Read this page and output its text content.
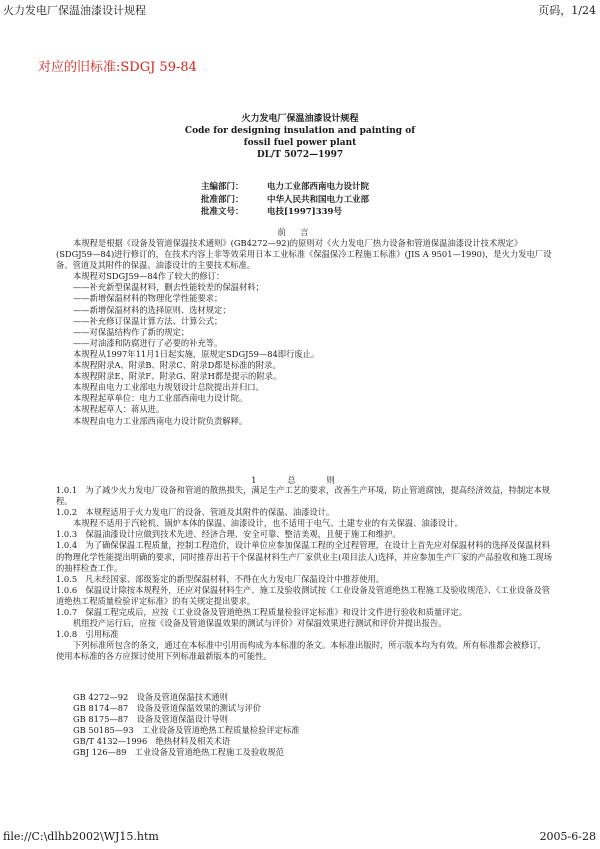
火力发电厂保温油漆设计规程	页码，1/24
对应的旧标准:SDGJ 59-84
火力发电厂保温油漆设计规程
Code for designing insulation and painting of
fossil fuel power plant
DL/T 5072—1997
主编部门：	电力工业部西南电力设计院
批准部门：	中华人民共和国电力工业部
批准文号：	电技[1997]339号
前言

本规程是根据《设备及管道保温技术通则》(GB4272—92)的原则对《火力发电厂热力设备和管道保温油漆设计技术规定》(SDGJ59—84)进行修订的，在技术内容上非等效采用日本工业标准《保温保冷工程施工标准》(JIS A 9501—1990)，是火力发电厂设备、管道及其附件的保温、油漆设计的主要技术标准。

本规程对SDGJ59—84作了较大的修订：

——补充新型保温材料，删去性能较差的保温材料；

——新增保温材料的物理化学性能要求；

——新增保温材料的选择原则、选材规定；

——补充修订保温计算方法、计算公式；

——对保温结构作了新的规定；

——对油漆和防腐进行了必要的补充等。

本规程从1997年11月1日起实施，原规定SDGJ59—84即行废止。

本规程附录A、附录B、附录C、附录D都是标准的附录。

本规程附录E、附录F、附录G、附录H都是提示的附录。

本规程由电力工业部电力规划设计总院提出并归口。

本规程起草单位：电力工业部西南电力设计院。

本规程起草人：蒋从进。

本规程由电力工业部西南电力设计院负责解释。

1 总 则

1.0.1　为了减少火力发电厂设备和管道的散热损失，满足生产工艺的要求，改善生产环境，防止管道腐蚀，提高经济效益，特制定本规程。

1.0.2　本规程适用于火力发电厂的设备、管道及其附件的保温、油漆设计。

本规程不适用于汽轮机、锅炉本体的保温、油漆设计，也不适用于电气、土建专业的有关保温、油漆设计。

1.0.3　保温油漆设计应做到技术先进、经济合理、安全可靠、整洁美观，且便于施工和维护。

1.0.4　为了确保保温工程质量，控制工程造价，设计单位应参加保温工程的全过程管理，在设计上首先应对保温材料的选择及保温材料的物理化学性能提出明确的要求，同时推荐出若干个保温材料生产厂家供业主(项目法人)选择，并应参加生产厂家的产品验收和施工现场的抽样检查工作。

1.0.5　凡未经国家、部级鉴定的新型保温材料，不得在火力发电厂保温设计中推荐使用。

1.0.6　保温设计除按本规程外，还应对保温材料生产、施工及验收测试按《工业设备及管道绝热工程施工及验收规范》、《工业设备及管道绝热工程质量检验评定标准》的有关规定提出要求。

1.0.7　保温工程完成后，应按《工业设备及管道绝热工程质量检验评定标准》和设计文件进行验收和质量评定。

机组投产运行后，应按《设备及管道保温效果的测试与评价》对保温效果进行测试和评价并提出报告。

1.0.8　引用标准

下列标准所包含的条文，通过在本标准中引用而构成为本标准的条文。本标准出版时，所示版本均为有效。所有标准都会被修订，使用本标准的各方应探讨使用下列标准最新版本的可能性。

GB 4272—92　设备及管道保温技术通则
GB 8174—87　设备及管道保温效果的测试与评价
GB 8175—87　设备及管道保温设计导则
GB 50185—93　工业设备及管道绝热工程质量检验评定标准
GB/T 4132—1996　绝热材料及相关术语
GBJ 126—89　工业设备及管道绝热工程施工及验收规范
file://C:\dlhb2002\WJ15.htm	2005-6-28
